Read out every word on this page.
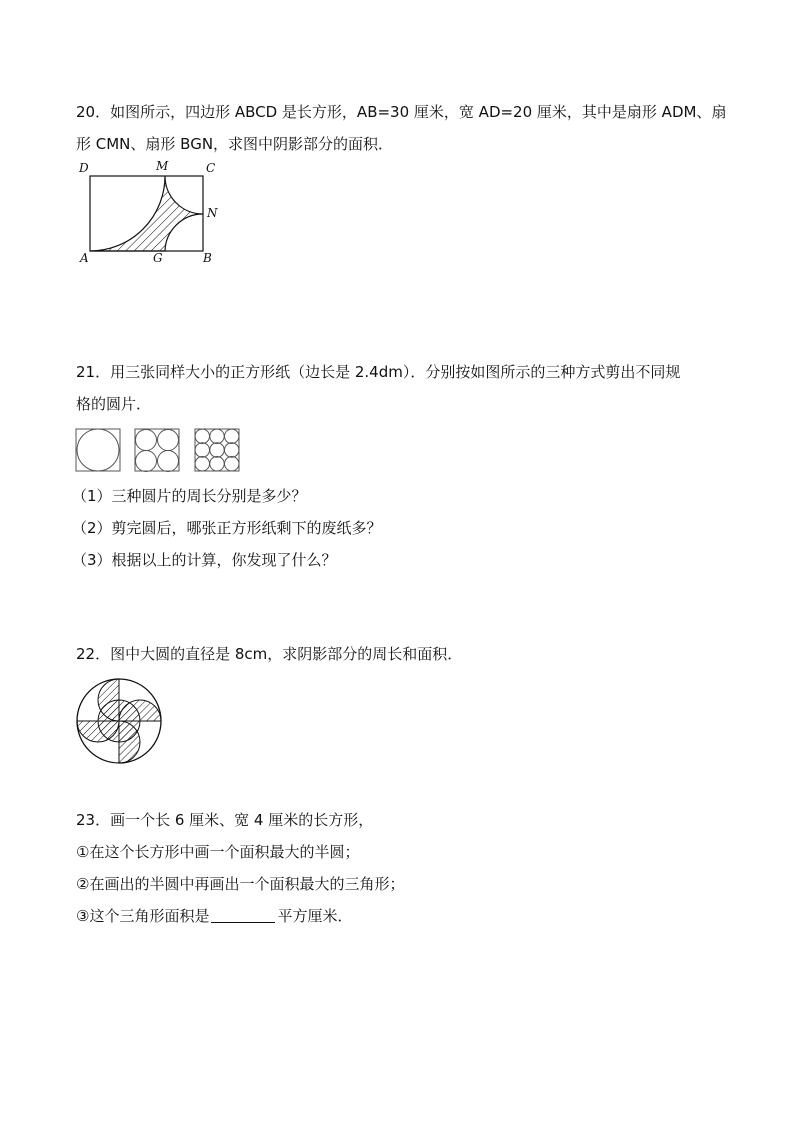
20．如图所示，四边形 ABCD 是长方形，AB=30 厘米，宽 AD=20 厘米，其中是扇形 ADM、扇

形 CMN、扇形 BGN，求图中阴影部分的面积．

D	M	C
N
A	G	B

21．用三张同样大小的正方形纸（边长是 2.4dm）．分别按如图所示的三种方式剪出不同规

格的圆片．

（1）三种圆片的周长分别是多少？

（2）剪完圆后，哪张正方形纸剩下的废纸多？

（3）根据以上的计算，你发现了什么？

22．图中大圆的直径是 8cm，求阴影部分的周长和面积．

23．画一个长 6 厘米、宽 4 厘米的长方形，

①在这个长方形中画一个面积最大的半圆；

②在画出的半圆中再画出一个面积最大的三角形；

③这个三角形面积是	平方厘米．
